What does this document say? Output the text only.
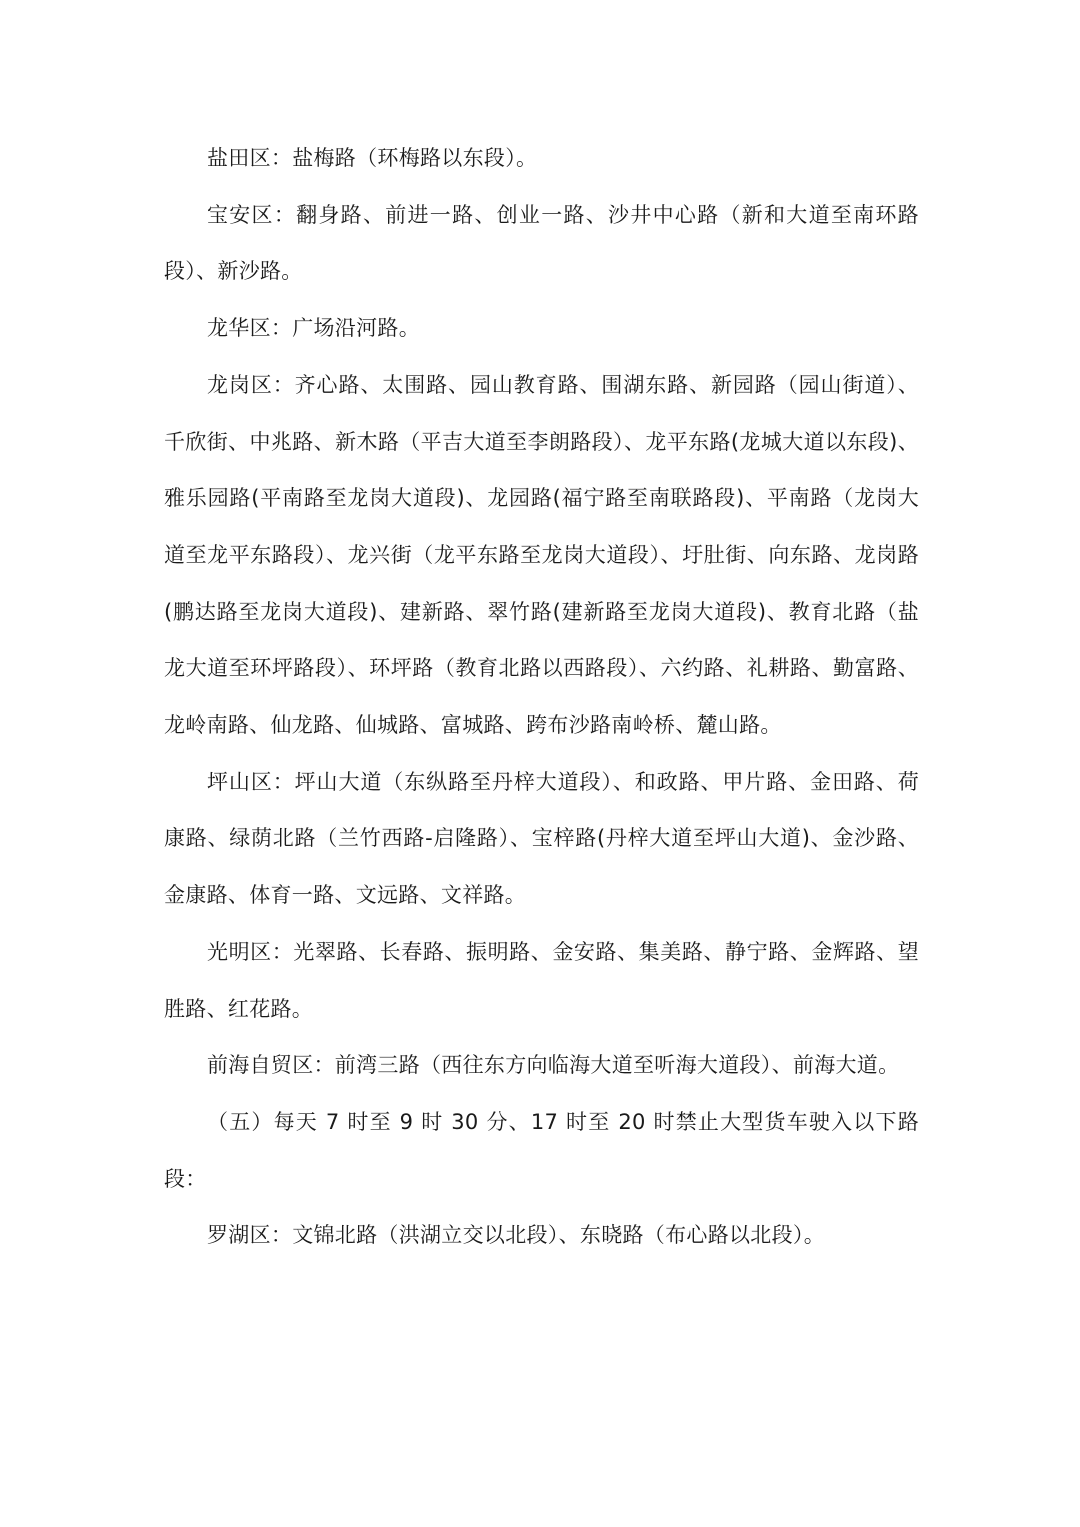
盐田区：盐梅路（环梅路以东段）。

宝安区：翻身路、前进一路、创业一路、沙井中心路（新和大道至南环路段）、新沙路。

龙华区：广场沿河路。

龙岗区：齐心路、太围路、园山教育路、围湖东路、新园路（园山街道）、千欣街、中兆路、新木路（平吉大道至李朗路段）、龙平东路(龙城大道以东段)、雅乐园路(平南路至龙岗大道段)、龙园路(福宁路至南联路段)、平南路（龙岗大道至龙平东路段）、龙兴街（龙平东路至龙岗大道段）、圩肚街、向东路、龙岗路(鹏达路至龙岗大道段)、建新路、翠竹路(建新路至龙岗大道段)、教育北路（盐龙大道至环坪路段）、环坪路（教育北路以西路段）、六约路、礼耕路、勤富路、龙岭南路、仙龙路、仙城路、富城路、跨布沙路南岭桥、麓山路。

坪山区：坪山大道（东纵路至丹梓大道段）、和政路、甲片路、金田路、荷康路、绿荫北路（兰竹西路-启隆路）、宝梓路(丹梓大道至坪山大道)、金沙路、金康路、体育一路、文远路、文祥路。

光明区：光翠路、长春路、振明路、金安路、集美路、静宁路、金辉路、望胜路、红花路。

前海自贸区：前湾三路（西往东方向临海大道至听海大道段）、前海大道。

（五）每天 7 时至 9 时 30 分、17 时至 20 时禁止大型货车驶入以下路段：

罗湖区：文锦北路（洪湖立交以北段）、东晓路（布心路以北段）。
